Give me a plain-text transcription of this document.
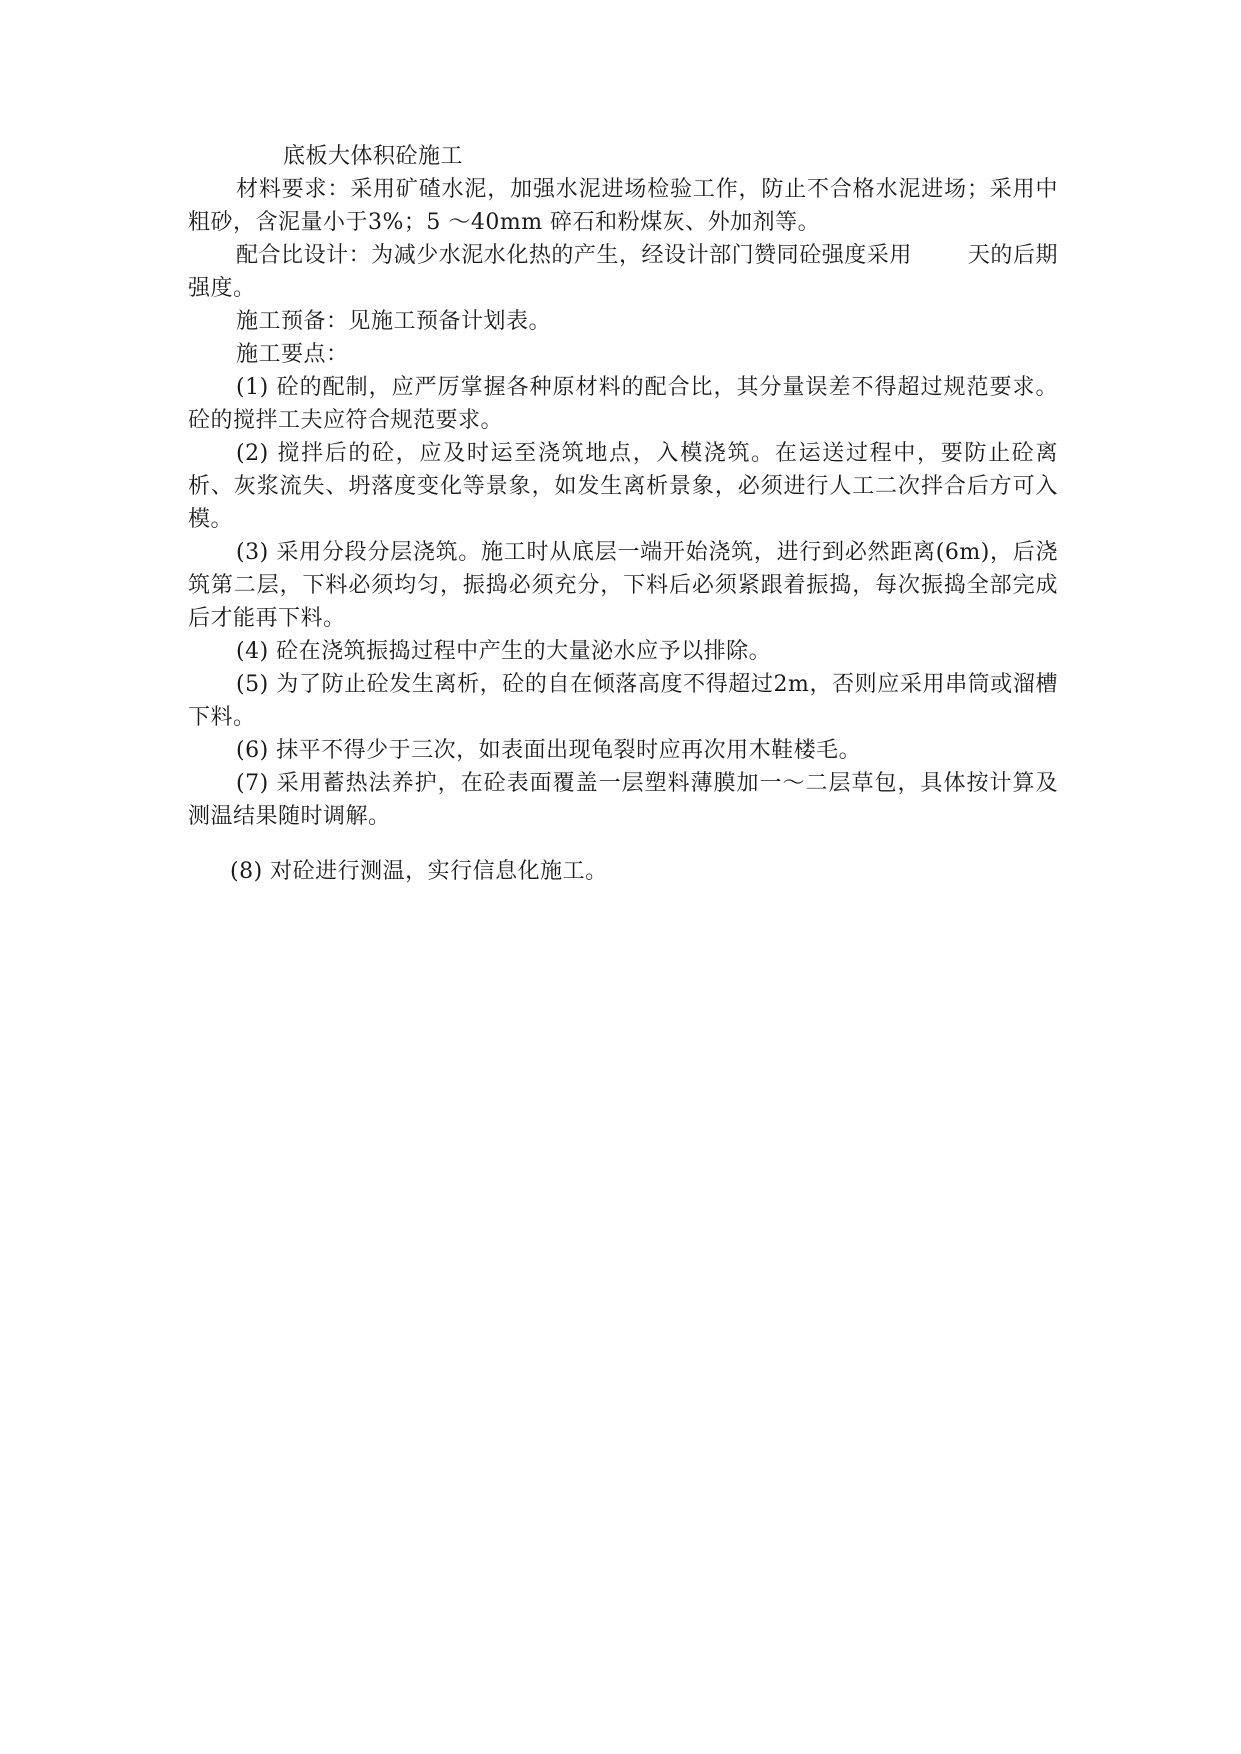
底板大体积砼施工

材料要求：采用矿碴水泥，加强水泥进场检验工作，防止不合格水泥进场；采用中粗砂，含泥量小于3%；5 ～40mm 碎石和粉煤灰、外加剂等。

配合比设计：为减少水泥水化热的产生，经设计部门赞同砼强度采用	天的后期强度。

施工预备：见施工预备计划表。

施工要点：

(1) 砼的配制，应严厉掌握各种原材料的配合比，其分量误差不得超过规范要求。砼的搅拌工夫应符合规范要求。

(2) 搅拌后的砼，应及时运至浇筑地点，入模浇筑。在运送过程中，要防止砼离析、灰浆流失、坍落度变化等景象，如发生离析景象，必须进行人工二次拌合后方可入模。

(3) 采用分段分层浇筑。施工时从底层一端开始浇筑，进行到必然距离(6m)，后浇筑第二层，下料必须均匀，振捣必须充分，下料后必须紧跟着振捣，每次振捣全部完成后才能再下料。

(4) 砼在浇筑振捣过程中产生的大量泌水应予以排除。

(5) 为了防止砼发生离析，砼的自在倾落高度不得超过2m，否则应采用串筒或溜槽下料。

(6) 抹平不得少于三次，如表面出现龟裂时应再次用木鞋楼毛。

(7) 采用蓄热法养护，在砼表面覆盖一层塑料薄膜加一～二层草包，具体按计算及测温结果随时调解。

(8) 对砼进行测温，实行信息化施工。
